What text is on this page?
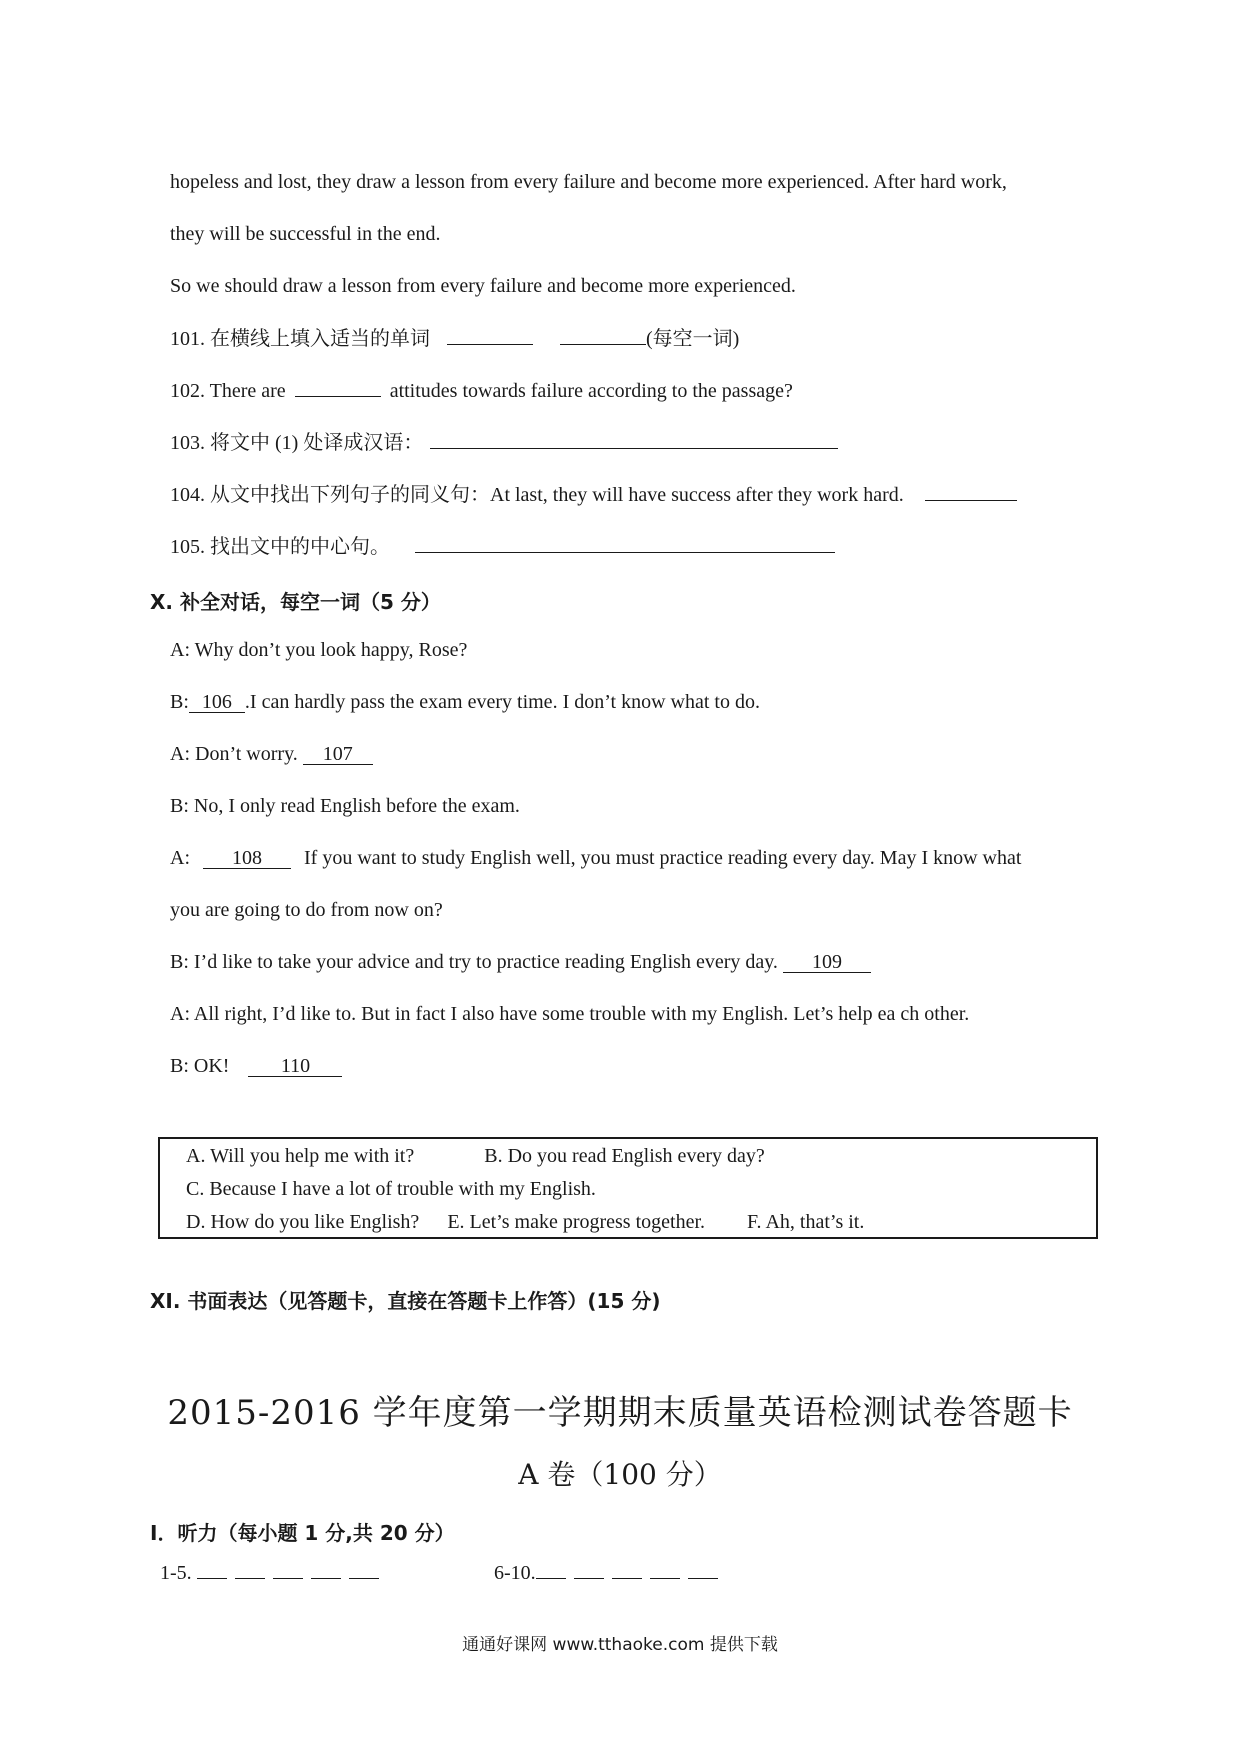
hopeless and lost, they draw a lesson from every failure and become more experienced. After hard work,
they will be successful in the end.
So we should draw a lesson from every failure and become more experienced.
101. 在横线上填入适当的单词	(每空一词)
102. There are	attitudes towards failure according to the passage?
103. 将文中 (1) 处译成汉语：
104. 从文中找出下列句子的同义句：At last, they will have success after they work hard.
105. 找出文中的中心句。
X. 补全对话，每空一词（5 分）
A: Why don’t you look happy, Rose?
B: 106 .I can hardly pass the exam every time. I don’t know what to do.
A: Don’t worry. 107
B: No, I only read English before the exam.
A: 108 If you want to study English well, you must practice reading every day. May I know what
you are going to do from now on?
B: I’d like to take your advice and try to practice reading English every day. 109
A: All right, I’d like to. But in fact I also have some trouble with my English. Let’s help ea ch other.
B: OK!	110
A. Will you help me with it?	B. Do you read English every day?
C. Because I have a lot of trouble with my English.
D. How do you like English? E. Let’s make progress together. F. Ah, that’s it.
XI. 书面表达（见答题卡，直接在答题卡上作答）(15 分)
2015-2016 学年度第一学期期末质量英语检测试卷答题卡
A 卷（100 分）
I．听力（每小题 1 分,共 20 分）
1-5.	6-10.
通通好课网 www.tthaoke.com 提供下载
